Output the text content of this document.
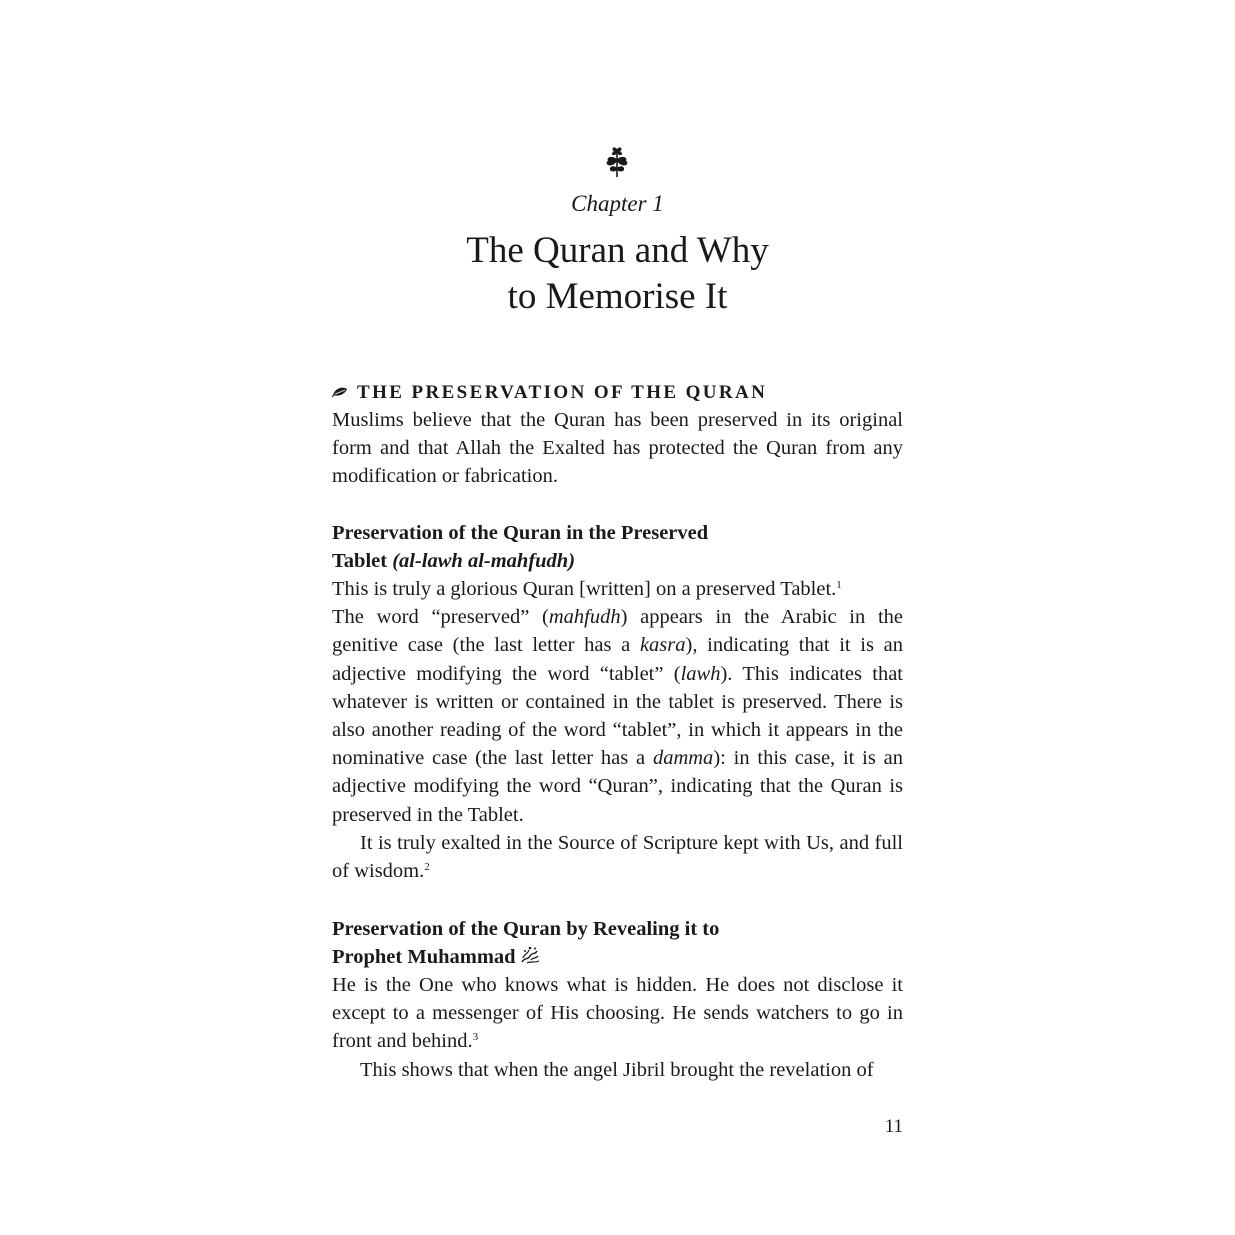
Chapter 1
The Quran and Why
to Memorise It
THE PRESERVATION OF THE QURAN

Muslims believe that the Quran has been preserved in its original form and that Allah the Exalted has protected the Quran from any modification or fabrication.

Preservation of the Quran in the Preserved
Tablet (al-lawh al-mahfudh)

This is truly a glorious Quran [written] on a preserved Tablet.$^1$

The word “preserved” (mahfudh) appears in the Arabic in the genitive case (the last letter has a kasra), indicating that it is an adjective modifying the word “tablet” (lawh). This indicates that whatever is written or contained in the tablet is preserved. There is also another reading of the word “tablet”, in which it appears in the nominative case (the last letter has a damma): in this case, it is an adjective modifying the word “Quran”, indicating that the Quran is preserved in the Tablet.

It is truly exalted in the Source of Scripture kept with Us, and full of wisdom.$^2$

Preservation of the Quran by Revealing it to
Prophet Muhammad

He is the One who knows what is hidden. He does not disclose it except to a messenger of His choosing. He sends watchers to go in front and behind.$^3$

This shows that when the angel Jibril brought the revelation of

11
